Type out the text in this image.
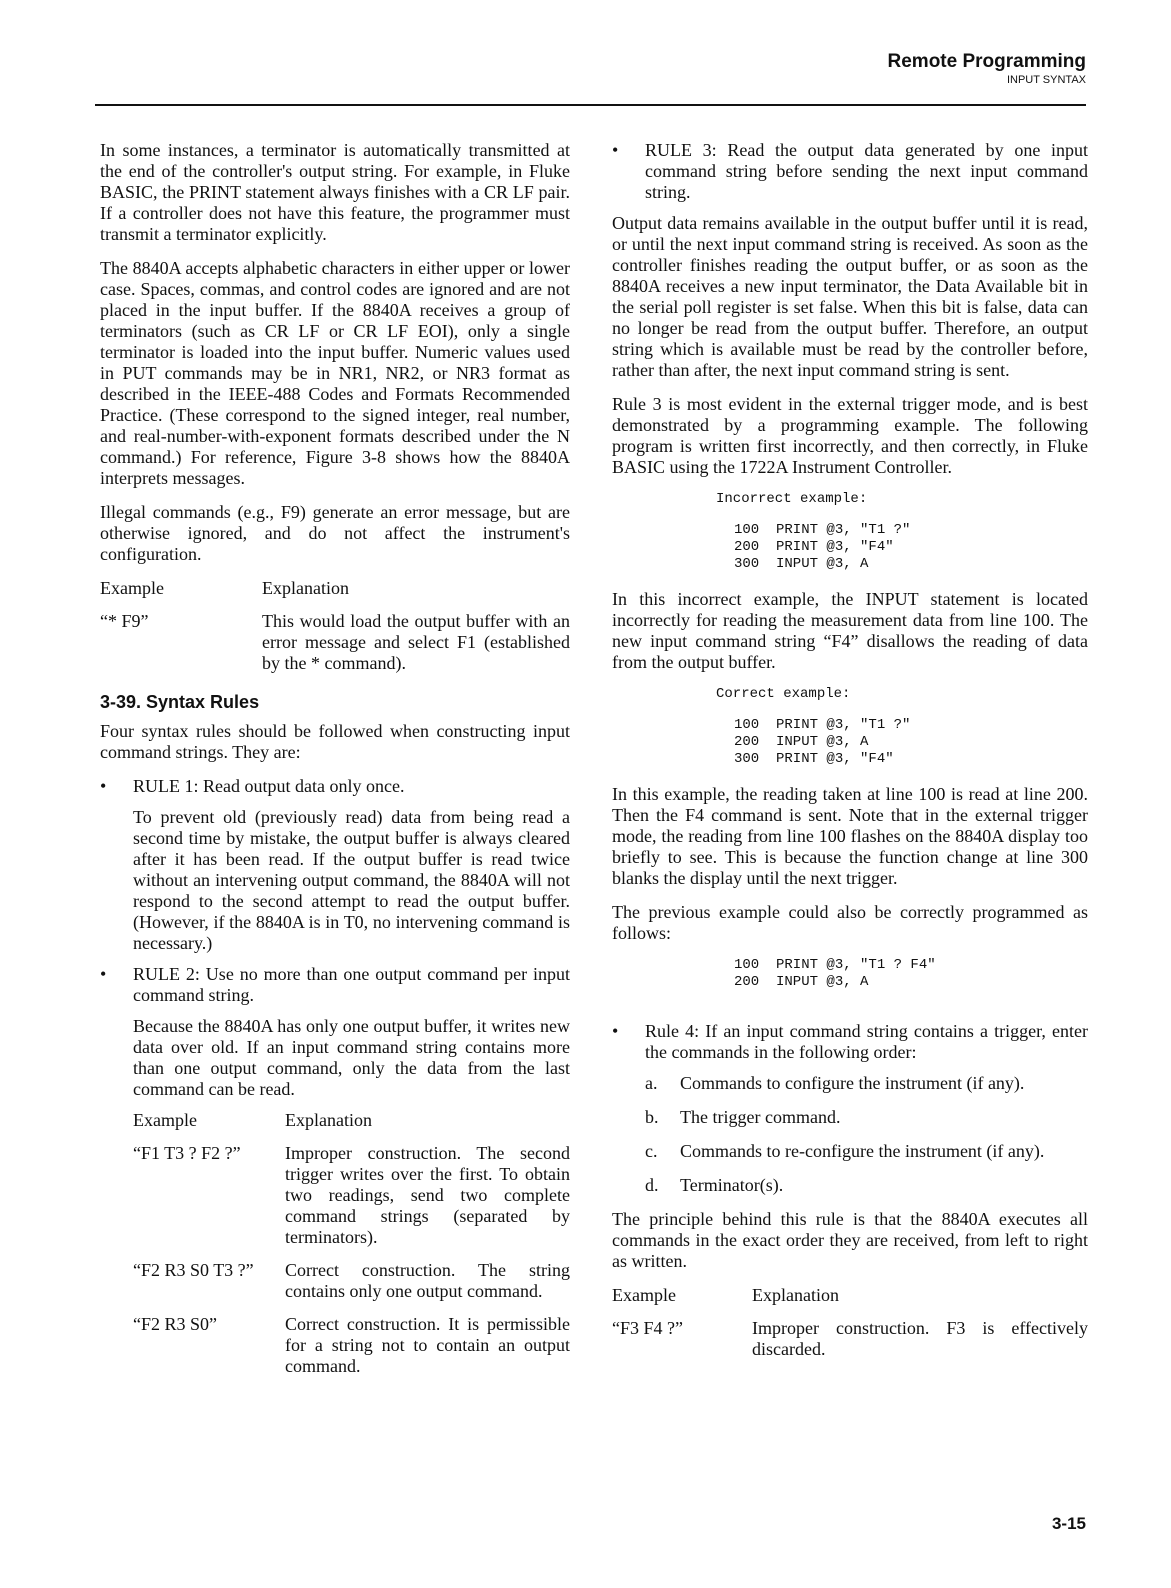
Remote Programming
INPUT SYNTAX

In some instances, a terminator is automatically transmitted at the end of the controller's output string. For example, in Fluke BASIC, the PRINT statement always finishes with a CR LF pair. If a controller does not have this feature, the programmer must transmit a terminator explicitly.

The 8840A accepts alphabetic characters in either upper or lower case. Spaces, commas, and control codes are ignored and are not placed in the input buffer. If the 8840A receives a group of terminators (such as CR LF or CR LF EOI), only a single terminator is loaded into the input buffer. Numeric values used in PUT commands may be in NR1, NR2, or NR3 format as described in the IEEE-488 Codes and Formats Recommended Practice. (These correspond to the signed integer, real number, and real-number-with-exponent formats described under the N command.) For reference, Figure 3-8 shows how the 8840A interprets messages.

Illegal commands (e.g., F9) generate an error message, but are otherwise ignored, and do not affect the instrument's configuration.

Example	Explanation
“* F9”	This would load the output buffer with an error message and select F1 (established by the * command).
3-39. Syntax Rules

Four syntax rules should be followed when constructing input command strings. They are:

• RULE 1: Read output data only once.

To prevent old (previously read) data from being read a second time by mistake, the output buffer is always cleared after it has been read. If the output buffer is read twice without an intervening output command, the 8840A will not respond to the second attempt to read the output buffer. (However, if the 8840A is in T0, no intervening command is necessary.)

• RULE 2: Use no more than one output command per input command string.

Because the 8840A has only one output buffer, it writes new data over old. If an input command string contains more than one output command, only the data from the last command can be read.

Example	Explanation
“F1 T3 ? F2 ?”	Improper construction. The second trigger writes over the first. To obtain two readings, send two complete command strings (separated by terminators).
“F2 R3 S0 T3 ?”	Correct construction. The string contains only one output command.
“F2 R3 S0”	Correct construction. It is permissible for a string not to contain an output command.
• RULE 3: Read the output data generated by one input command string before sending the next input command string.

Output data remains available in the output buffer until it is read, or until the next input command string is received. As soon as the controller finishes reading the output buffer, or as soon as the 8840A receives a new input terminator, the Data Available bit in the serial poll register is set false. When this bit is false, data can no longer be read from the output buffer. Therefore, an output string which is available must be read by the controller before, rather than after, the next input command string is sent.

Rule 3 is most evident in the external trigger mode, and is best demonstrated by a programming example. The following program is written first incorrectly, and then correctly, in Fluke BASIC using the 1722A Instrument Controller.

Incorrect example:
100  PRINT @3, "T1 ?"
200  PRINT @3, "F4"
300  INPUT @3, A

In this incorrect example, the INPUT statement is located incorrectly for reading the measurement data from line 100. The new input command string “F4” disallows the reading of data from the output buffer.

Correct example:
100  PRINT @3, "T1 ?"
200  INPUT @3, A
300  PRINT @3, "F4"

In this example, the reading taken at line 100 is read at line 200. Then the F4 command is sent. Note that in the external trigger mode, the reading from line 100 flashes on the 8840A display too briefly to see. This is because the function change at line 300 blanks the display until the next trigger.

The previous example could also be correctly programmed as follows:

100  PRINT @3, "T1 ? F4"
200  INPUT @3, A
• Rule 4: If an input command string contains a trigger, enter the commands in the following order:

a.	Commands to configure the instrument (if any).
b.	The trigger command.
c.	Commands to re-configure the instrument (if any).
d.	Terminator(s).

The principle behind this rule is that the 8840A executes all commands in the exact order they are received, from left to right as written.

Example	Explanation
“F3 F4 ?”	Improper construction. F3 is effectively discarded.
3-15
